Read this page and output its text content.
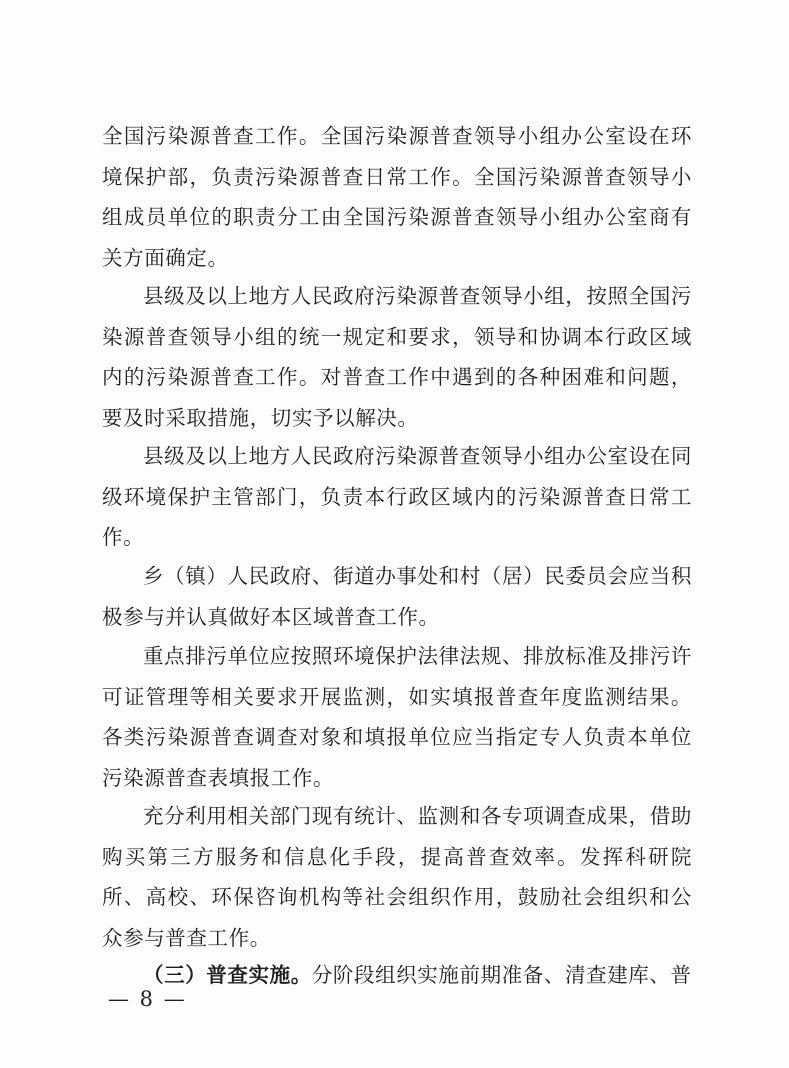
全国污染源普查工作。全国污染源普查领导小组办公室设在环境保护部，负责污染源普查日常工作。全国污染源普查领导小组成员单位的职责分工由全国污染源普查领导小组办公室商有关方面确定。

县级及以上地方人民政府污染源普查领导小组，按照全国污染源普查领导小组的统一规定和要求，领导和协调本行政区域内的污染源普查工作。对普查工作中遇到的各种困难和问题，要及时采取措施，切实予以解决。

县级及以上地方人民政府污染源普查领导小组办公室设在同级环境保护主管部门，负责本行政区域内的污染源普查日常工作。

乡（镇）人民政府、街道办事处和村（居）民委员会应当积极参与并认真做好本区域普查工作。

重点排污单位应按照环境保护法律法规、排放标准及排污许可证管理等相关要求开展监测，如实填报普查年度监测结果。各类污染源普查调查对象和填报单位应当指定专人负责本单位污染源普查表填报工作。

充分利用相关部门现有统计、监测和各专项调查成果，借助购买第三方服务和信息化手段，提高普查效率。发挥科研院所、高校、环保咨询机构等社会组织作用，鼓励社会组织和公众参与普查工作。

（三）普查实施。分阶段组织实施前期准备、清查建库、普

— 8 —
